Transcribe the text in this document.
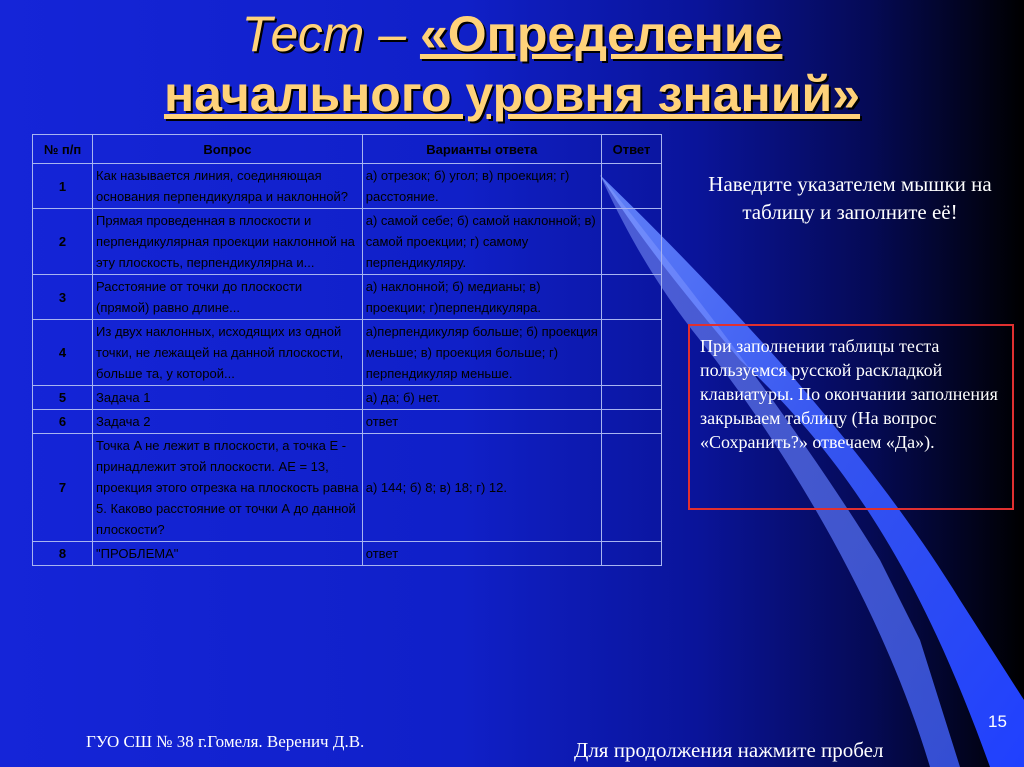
Тест – «Определение
начального уровня знаний»
№ п/п	Вопрос	Варианты ответа	Ответ
1	Как называется линия, соединяющая основания перпендикуляра и наклонной?	а) отрезок; б) угол; в) проекция; г) расстояние.	
2	Прямая проведенная в плоскости и перпендикулярная проекции наклонной на эту плоскость, перпендикулярна и...	а) самой себе; б) самой наклонной; в) самой проекции; г) самому перпендикуляру.	
3	Расстояние от точки до плоскости (прямой) равно длине...	а) наклонной; б) медианы; в) проекции; г)перпендикуляра.	
4	Из двух наклонных, исходящих из одной точки, не лежащей на данной плоскости, больше та, у которой...	а)перпендикуляр больше; б) проекция меньше; в) проекция больше; г) перпендикуляр меньше.	
5	Задача 1	а) да; б) нет.	
6	Задача 2	ответ	
7	Точка A не лежит в плоскости, а точка E - принадлежит этой плоскости. AE = 13, проекция этого отрезка на плоскость равна 5. Каково расстояние от точки А до данной плоскости?	а) 144; б) 8; в) 18; г) 12.	
8	"ПРОБЛЕМА"	ответ	
Наведите указателем мышки на таблицу и заполните её!
При заполнении таблицы теста пользуемся русской раскладкой клавиатуры. По окончании заполнения закрываем таблицу (На вопрос «Сохранить?» отвечаем «Да»).
15
ГУО СШ № 38 г.Гомеля. Веренич Д.В.	Для продолжения нажмите пробел
